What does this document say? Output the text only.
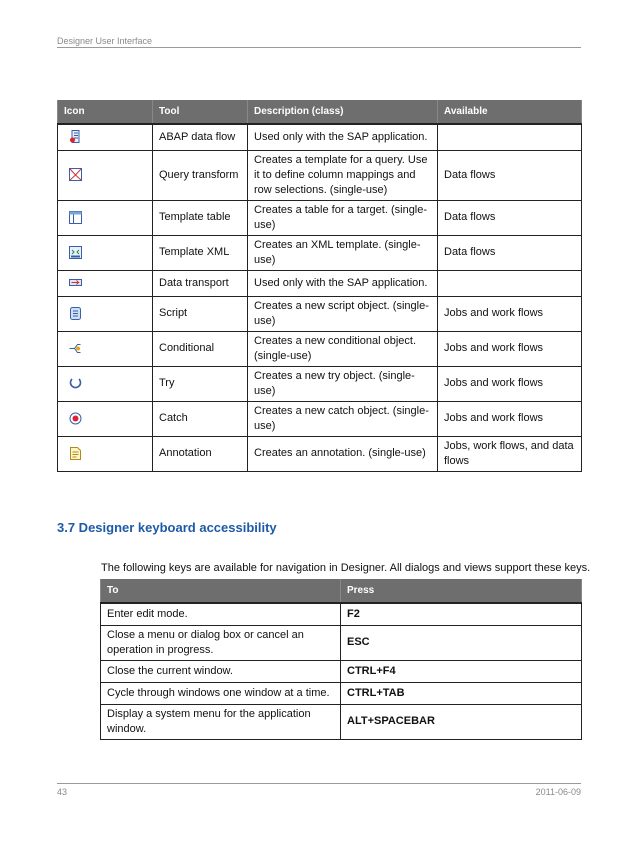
Designer User Interface
Icon	Tool	Description (class)	Available
	ABAP data flow	Used only with the SAP application.	
	Query transform	Creates a template for a query. Use it to define column mappings and row selections. (single-use)	Data flows
	Template table	Creates a table for a target. (single-use)	Data flows
	Template XML	Creates an XML template. (single-use)	Data flows
	Data transport	Used only with the SAP application.	
	Script	Creates a new script object. (single-use)	Jobs and work flows
	Conditional	Creates a new conditional object. (single-use)	Jobs and work flows
	Try	Creates a new try object. (single-use)	Jobs and work flows
	Catch	Creates a new catch object. (single-use)	Jobs and work flows
	Annotation	Creates an annotation. (single-use)	Jobs, work flows, and data flows
3.7 Designer keyboard accessibility
The following keys are available for navigation in Designer. All dialogs and views support these keys.
To	Press
Enter edit mode.	F2
Close a menu or dialog box or cancel an operation in progress.	ESC
Close the current window.	CTRL+F4
Cycle through windows one window at a time.	CTRL+TAB
Display a system menu for the application window.	ALT+SPACEBAR
43	2011-06-09
